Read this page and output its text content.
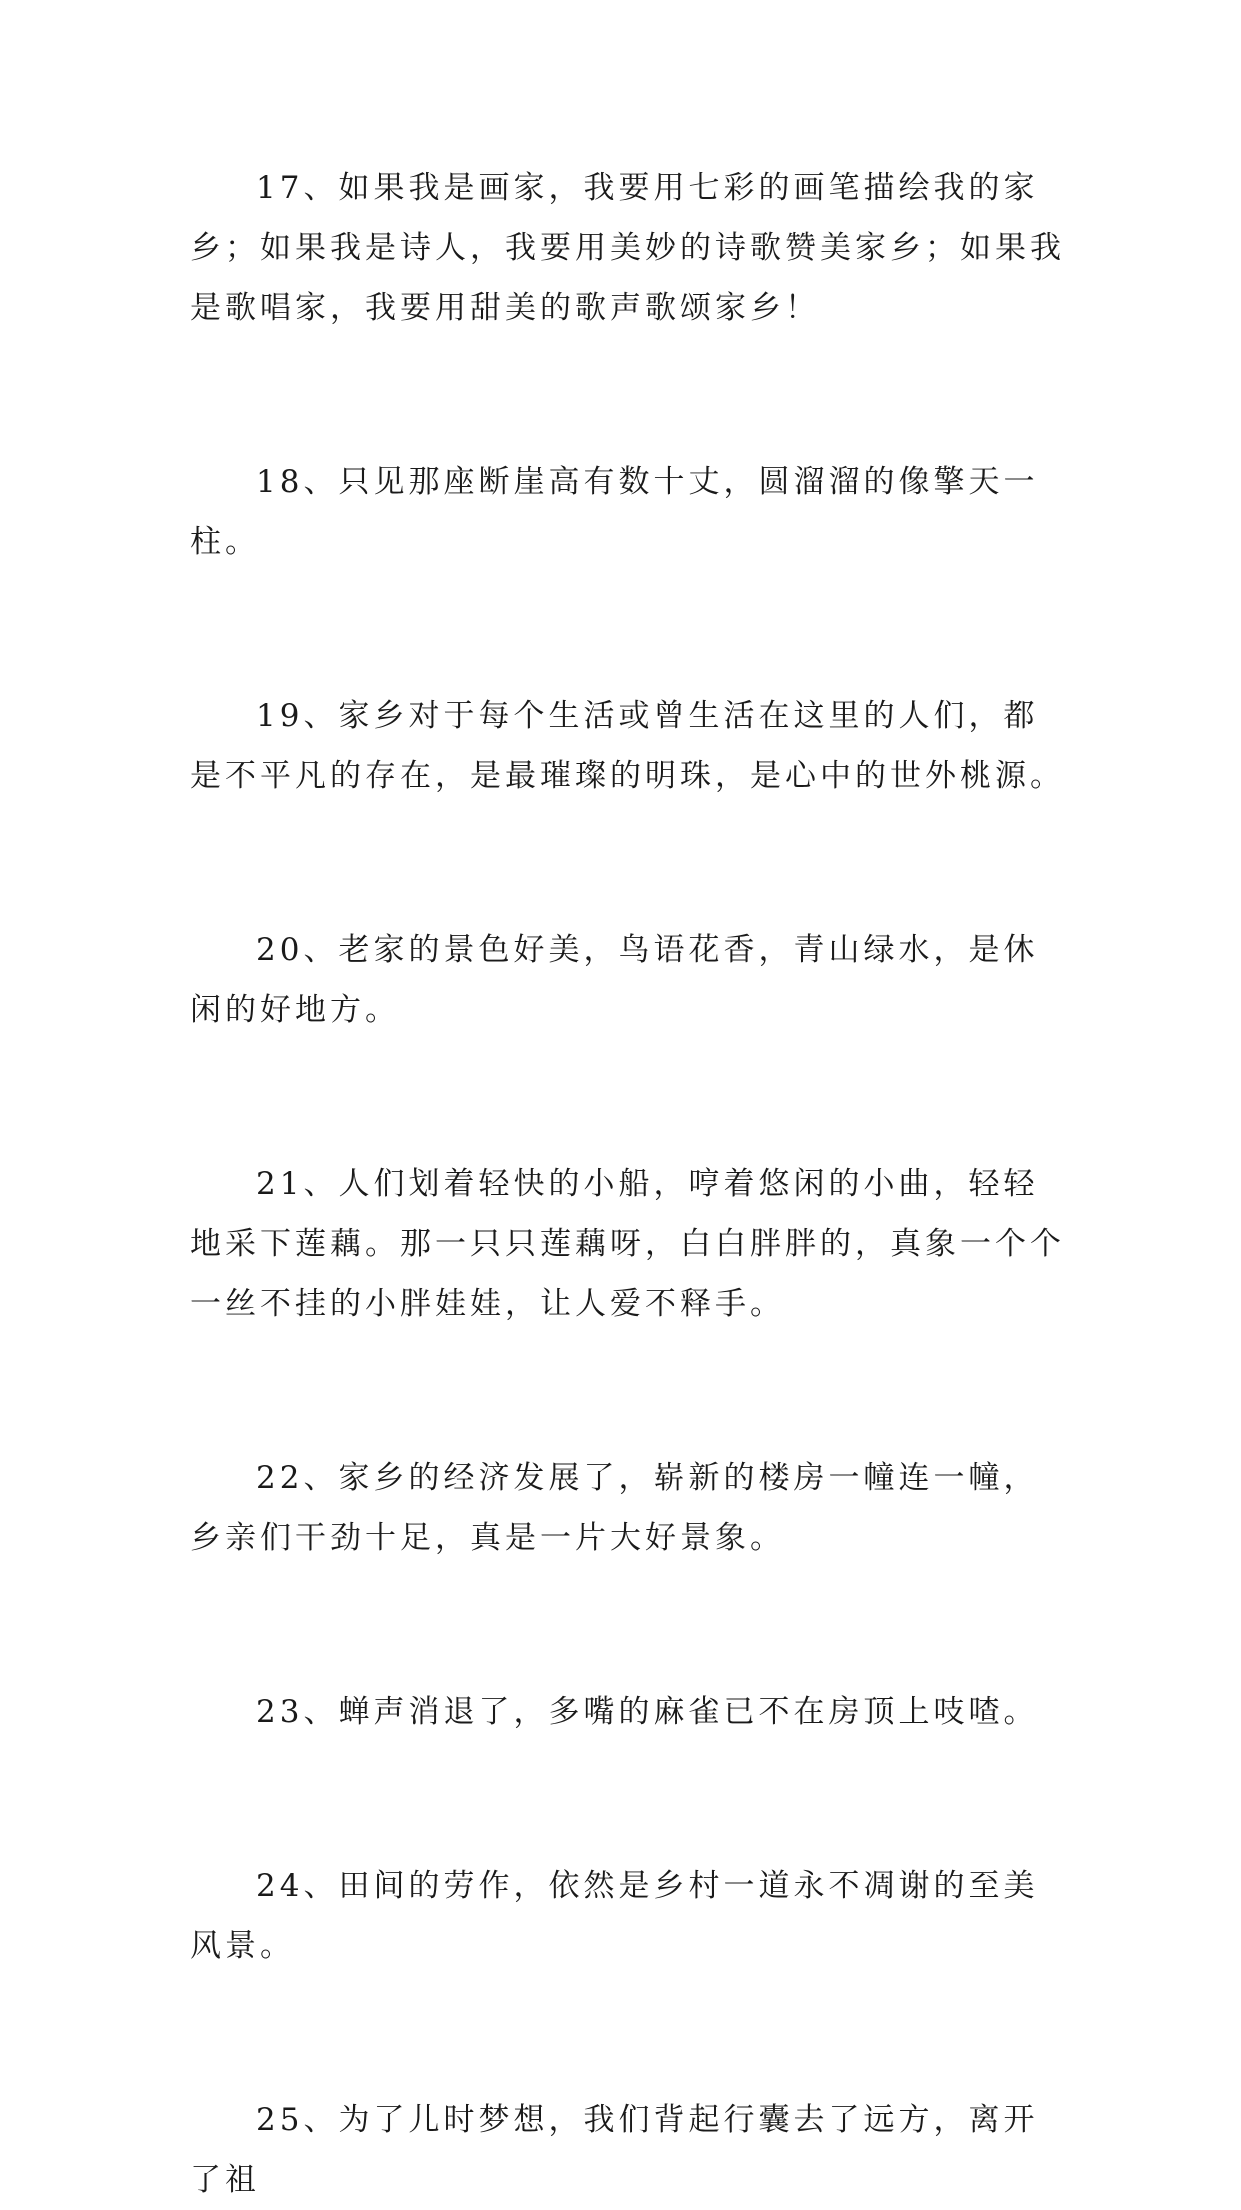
17、如果我是画家，我要用七彩的画笔描绘我的家乡；如果我是诗人，我要用美妙的诗歌赞美家乡；如果我是歌唱家，我要用甜美的歌声歌颂家乡！

18、只见那座断崖高有数十丈，圆溜溜的像擎天一柱。

19、家乡对于每个生活或曾生活在这里的人们，都是不平凡的存在，是最璀璨的明珠，是心中的世外桃源。

20、老家的景色好美，鸟语花香，青山绿水，是休闲的好地方。

21、人们划着轻快的小船，哼着悠闲的小曲，轻轻地采下莲藕。那一只只莲藕呀，白白胖胖的，真象一个个一丝不挂的小胖娃娃，让人爱不释手。

22、家乡的经济发展了，崭新的楼房一幢连一幢，乡亲们干劲十足，真是一片大好景象。

23、蝉声消退了，多嘴的麻雀已不在房顶上吱喳。

24、田间的劳作，依然是乡村一道永不凋谢的至美风景。

25、为了儿时梦想，我们背起行囊去了远方，离开了祖
